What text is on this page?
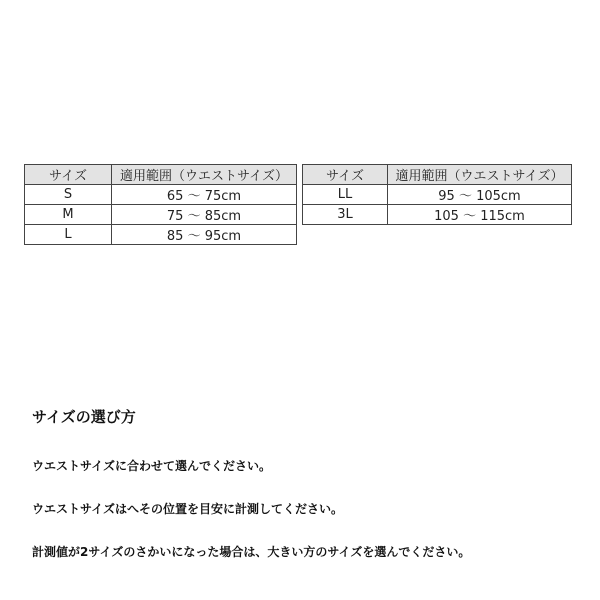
サイズ	適用範囲（ウエストサイズ）
S	65 ～ 75cm
M	75 ～ 85cm
L	85 ～ 95cm
サイズ	適用範囲（ウエストサイズ）
LL	95 ～ 105cm
3L	105 ～ 115cm
サイズの選び方

ウエストサイズに合わせて選んでください。

ウエストサイズはへその位置を目安に計測してください。

計測値が2サイズのさかいになった場合は、大きい方のサイズを選んでください。
